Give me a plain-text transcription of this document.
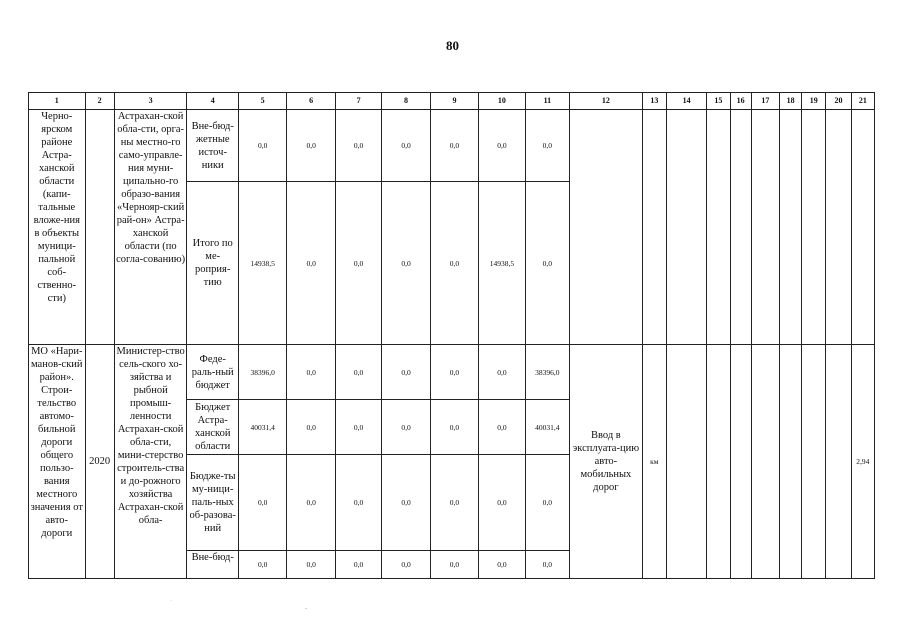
80
1	2	3	4	5	6	7	8	9	10	11	12	13	14	15	16	17	18	19	20	21
Черно-ярском районе Астра-ханской области (капи-тальные вложе-ния в объекты муници-пальной соб-ственно-сти)		Астрахан-ской обла-сти, орга-ны местно-го само-управле-ния муни-ципально-го образо-вания «Чернояр-ский рай-он» Астра-ханской области (по согла-сованию)	Вне-бюд-жетные источ-ники	0,0	0,0	0,0	0,0	0,0	0,0	0,0										
			Итого по ме-роприя-тию	14938,5	0,0	0,0	0,0	0,0	14938,5	0,0										
МО «Нари-манов-ский район». Строи-тельство автомо-бильной дороги общего пользо-вания местного значения от авто-дороги	2020	Министер-ство сель-ского хо-зяйства и рыбной промыш-ленности Астрахан-ской обла-сти, мини-стерство строитель-ства и до-рожного хозяйства Астрахан-ской обла-	Феде-раль-ный бюджет	38396,0	0,0	0,0	0,0	0,0	0,0	38396,0	Ввод в эксплуата-цию авто-мобильных дорог	км								2,94
			Бюджет Астра-ханской области	40031,4	0,0	0,0	0,0	0,0	0,0	40031,4										
			Бюдже-ты му-ници-паль-ных об-разова-ний	0,0	0,0	0,0	0,0	0,0	0,0	0,0										
			Вне-бюд-	0,0	0,0	0,0	0,0	0,0	0,0	0,0										
·
-
